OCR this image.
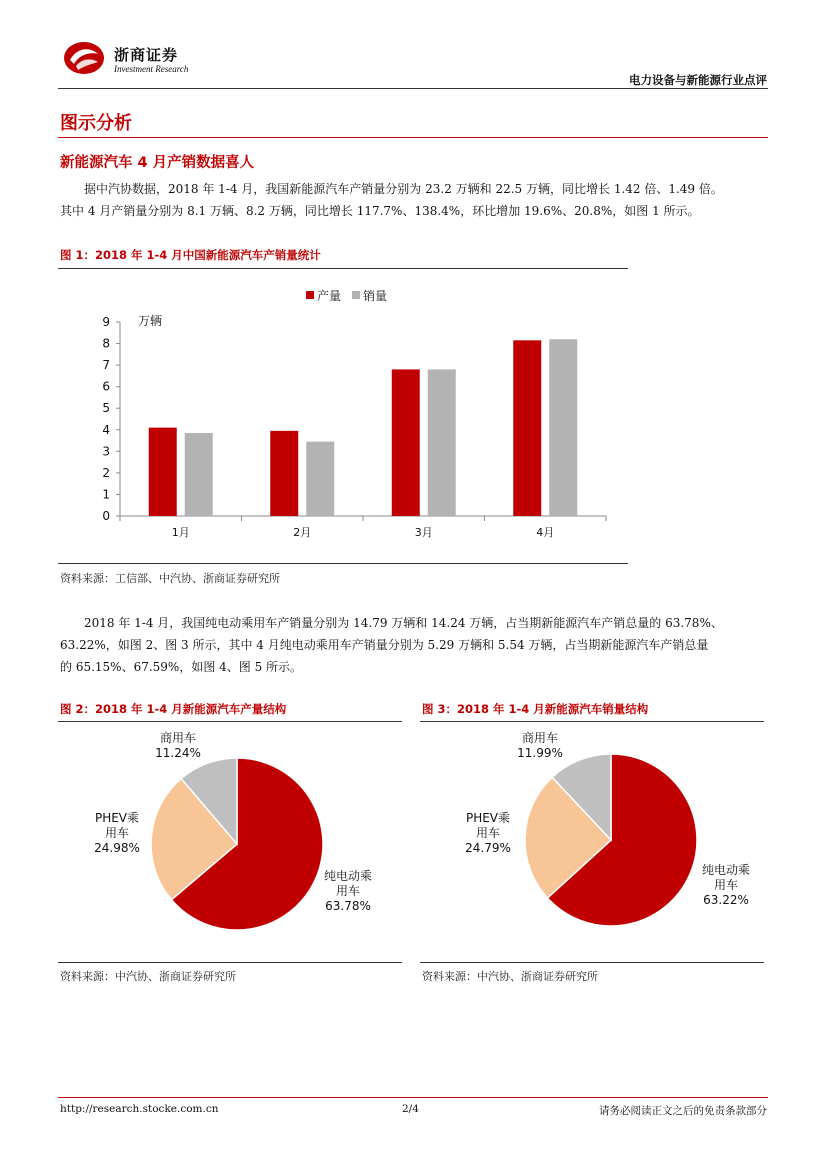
浙商证券
Investment Research
电力设备与新能源行业点评
图示分析
新能源汽车 4 月产销数据喜人
据中汽协数据，2018 年 1-4 月，我国新能源汽车产销量分别为 23.2 万辆和 22.5 万辆，同比增长 1.42 倍、1.49 倍。
其中 4 月产销量分别为 8.1 万辆、8.2 万辆，同比增长 117.7%、138.4%，环比增加 19.6%、20.8%，如图 1 所示。
图 1：2018 年 1-4 月中国新能源汽车产销量统计
0
1
2
3
4
5
6
7
8
9 万辆
1月	2月	3月	4月
产量 销量
资料来源：工信部、中汽协、浙商证券研究所
2018 年 1-4 月，我国纯电动乘用车产销量分别为 14.79 万辆和 14.24 万辆，占当期新能源汽车产销总量的 63.78%、
63.22%，如图 2、图 3 所示，其中 4 月纯电动乘用车产销量分别为 5.29 万辆和 5.54 万辆，占当期新能源汽车产销总量
的 65.15%、67.59%，如图 4、图 5 所示。
图 2：2018 年 1-4 月新能源汽车产量结构
纯电动乘
用车
63.78%
PHEV乘
用车
24.98%
商用车
11.24%
资料来源：中汽协、浙商证券研究所
图 3：2018 年 1-4 月新能源汽车销量结构
纯电动乘
用车
63.22%
PHEV乘
用车
24.79%
商用车
11.99%
资料来源：中汽协、浙商证券研究所
http://research.stocke.com.cn	2/4	请务必阅读正文之后的免责条款部分
